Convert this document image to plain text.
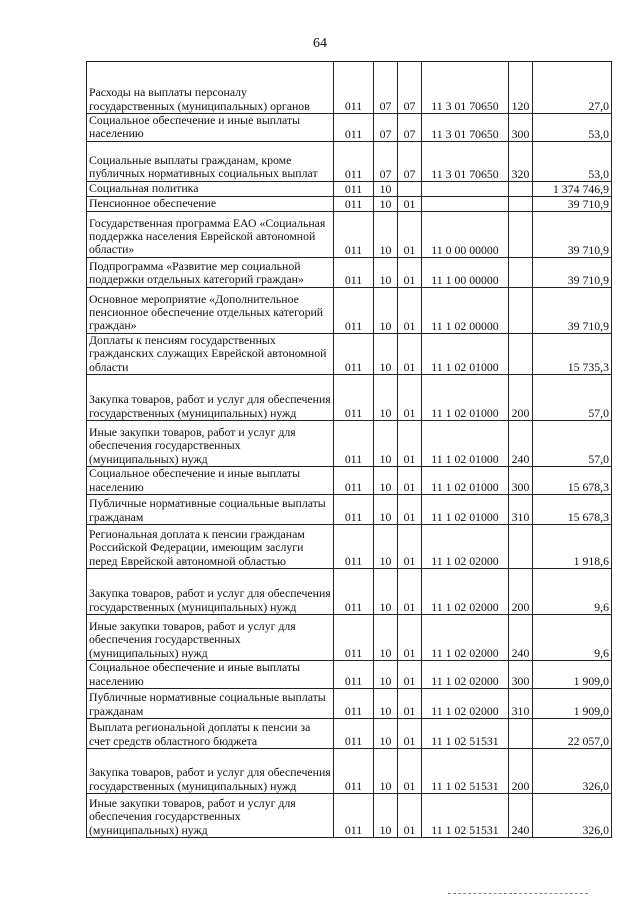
64
Расходы на выплаты персоналу государственных (муниципальных) органов	011	07	07	11 3 01 70650	120	27,0
Социальное обеспечение и иные выплаты населению	011	07	07	11 3 01 70650	300	53,0
Социальные выплаты гражданам, кроме публичных нормативных социальных выплат	011	07	07	11 3 01 70650	320	53,0
Социальная политика	011	10				1 374 746,9
Пенсионное обеспечение	011	10	01			39 710,9
Государственная программа ЕАО «Социальная поддержка населения Еврейской автономной области»	011	10	01	11 0 00 00000		39 710,9
Подпрограмма «Развитие мер социальной поддержки отдельных категорий граждан»	011	10	01	11 1 00 00000		39 710,9
Основное мероприятие «Дополнительное пенсионное обеспечение отдельных категорий граждан»	011	10	01	11 1 02 00000		39 710,9
Доплаты к пенсиям государственных гражданских служащих Еврейской автономной области	011	10	01	11 1 02 01000		15 735,3
Закупка товаров, работ и услуг для обеспечения государственных (муниципальных) нужд	011	10	01	11 1 02 01000	200	57,0
Иные закупки товаров, работ и услуг для обеспечения государственных (муниципальных) нужд	011	10	01	11 1 02 01000	240	57,0
Социальное обеспечение и иные выплаты населению	011	10	01	11 1 02 01000	300	15 678,3
Публичные нормативные социальные выплаты гражданам	011	10	01	11 1 02 01000	310	15 678,3
Региональная доплата к пенсии гражданам Российской Федерации, имеющим заслуги перед Еврейской автономной областью	011	10	01	11 1 02 02000		1 918,6
Закупка товаров, работ и услуг для обеспечения государственных (муниципальных) нужд	011	10	01	11 1 02 02000	200	9,6
Иные закупки товаров, работ и услуг для обеспечения государственных (муниципальных) нужд	011	10	01	11 1 02 02000	240	9,6
Социальное обеспечение и иные выплаты населению	011	10	01	11 1 02 02000	300	1 909,0
Публичные нормативные социальные выплаты гражданам	011	10	01	11 1 02 02000	310	1 909,0
Выплата региональной доплаты к пенсии за счет средств областного бюджета	011	10	01	11 1 02 51531		22 057,0
Закупка товаров, работ и услуг для обеспечения государственных (муниципальных) нужд	011	10	01	11 1 02 51531	200	326,0
Иные закупки товаров, работ и услуг для обеспечения государственных (муниципальных) нужд	011	10	01	11 1 02 51531	240	326,0
